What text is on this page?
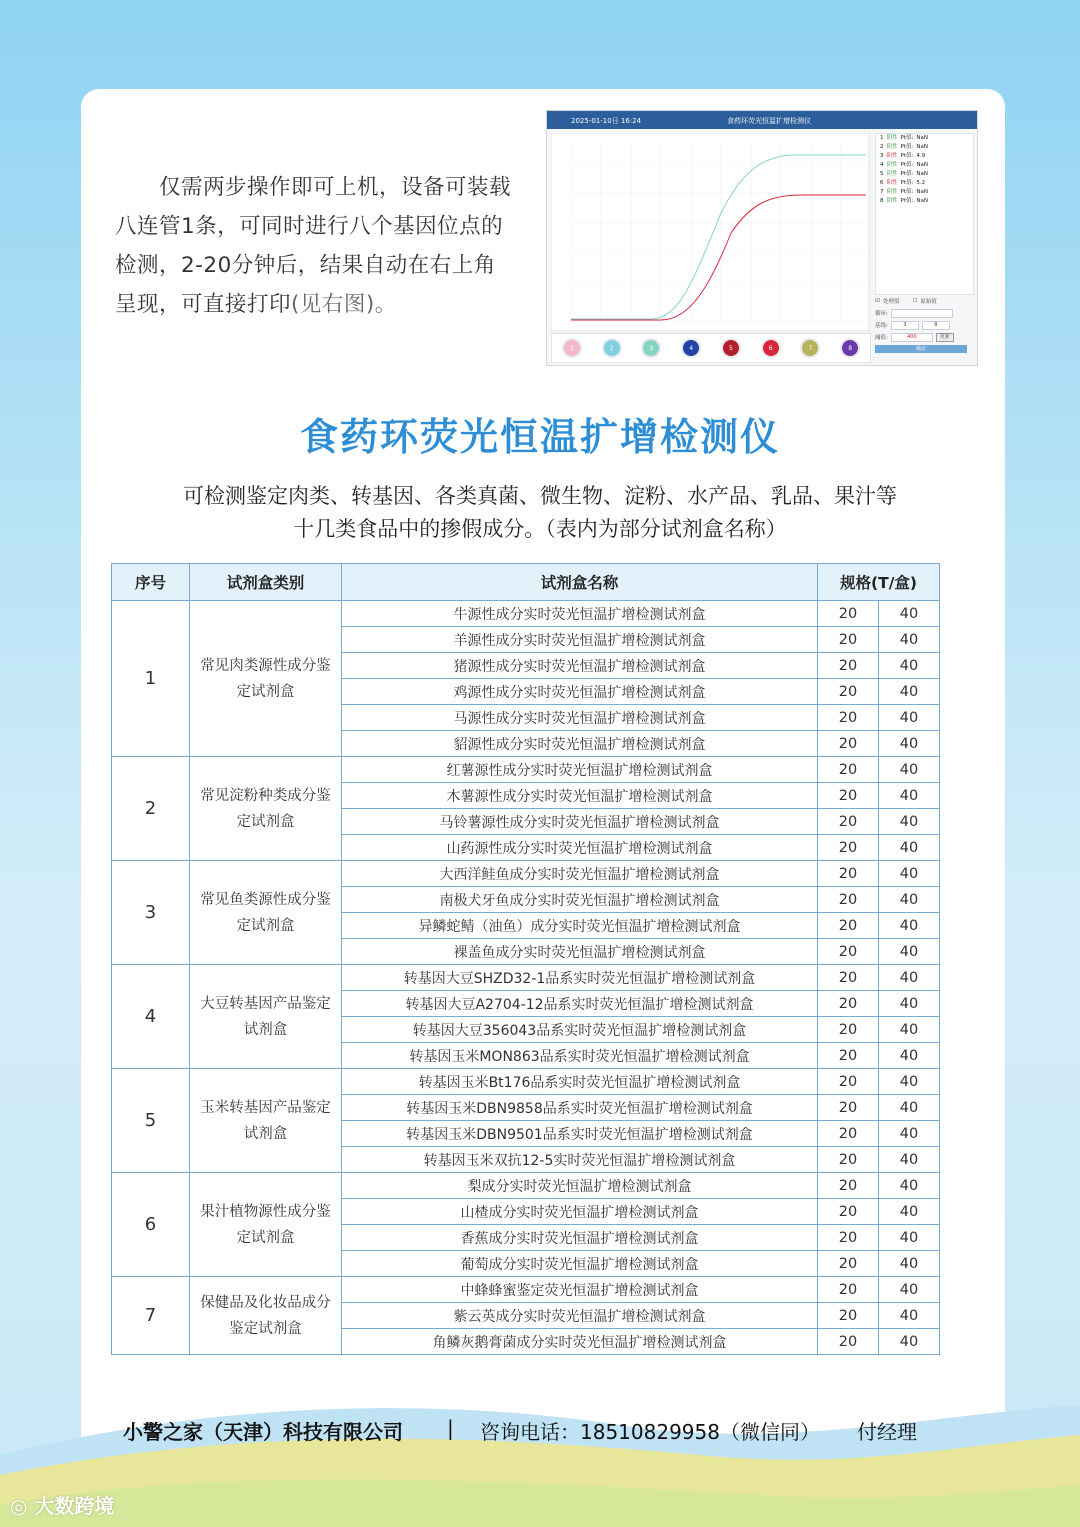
仅需两步操作即可上机，设备可装载八连管1条，可同时进行八个基因位点的检测，2-20分钟后，结果自动在右上角呈现，可直接打印(见右图)。
2025-01-10日 16:24	食药环荧光恒温扩增检测仪
1 阴性 Pt值: NaN
2 阴性 Pt值: NaN
3 阳性 Pt值: 4.9
4 阴性 Pt值: NaN
5 阴性 Pt值: NaN
6 阳性 Pt值: 5.2
7 阴性 Pt值: NaN
8 阴性 Pt值: NaN
☑ 处理值 ☐ 原始值
循环:
基线:	3	8
阈值:	400	更新
确定
1	2	3	4	5	6	7	8
食药环荧光恒温扩增检测仪
可检测鉴定肉类、转基因、各类真菌、微生物、淀粉、水产品、乳品、果汁等
十几类食品中的掺假成分。（表内为部分试剂盒名称）
序号	试剂盒类别	试剂盒名称	规格(T/盒)	
1	常见肉类源性成分鉴定试剂盒	牛源性成分实时荧光恒温扩增检测试剂盒	20	40
		羊源性成分实时荧光恒温扩增检测试剂盒	20	40
		猪源性成分实时荧光恒温扩增检测试剂盒	20	40
		鸡源性成分实时荧光恒温扩增检测试剂盒	20	40
		马源性成分实时荧光恒温扩增检测试剂盒	20	40
		貂源性成分实时荧光恒温扩增检测试剂盒	20	40
2	常见淀粉种类成分鉴定试剂盒	红薯源性成分实时荧光恒温扩增检测试剂盒	20	40
		木薯源性成分实时荧光恒温扩增检测试剂盒	20	40
		马铃薯源性成分实时荧光恒温扩增检测试剂盒	20	40
		山药源性成分实时荧光恒温扩增检测试剂盒	20	40
3	常见鱼类源性成分鉴定试剂盒	大西洋鲑鱼成分实时荧光恒温扩增检测试剂盒	20	40
		南极犬牙鱼成分实时荧光恒温扩增检测试剂盒	20	40
		异鳞蛇鲭（油鱼）成分实时荧光恒温扩增检测试剂盒	20	40
		裸盖鱼成分实时荧光恒温扩增检测试剂盒	20	40
4	大豆转基因产品鉴定试剂盒	转基因大豆SHZD32-1品系实时荧光恒温扩增检测试剂盒	20	40
		转基因大豆A2704-12品系实时荧光恒温扩增检测试剂盒	20	40
		转基因大豆356043品系实时荧光恒温扩增检测试剂盒	20	40
		转基因玉米MON863品系实时荧光恒温扩增检测试剂盒	20	40
5	玉米转基因产品鉴定试剂盒	转基因玉米Bt176品系实时荧光恒温扩增检测试剂盒	20	40
		转基因玉米DBN9858品系实时荧光恒温扩增检测试剂盒	20	40
		转基因玉米DBN9501品系实时荧光恒温扩增检测试剂盒	20	40
		转基因玉米双抗12-5实时荧光恒温扩增检测试剂盒	20	40
6	果汁植物源性成分鉴定试剂盒	梨成分实时荧光恒温扩增检测试剂盒	20	40
		山楂成分实时荧光恒温扩增检测试剂盒	20	40
		香蕉成分实时荧光恒温扩增检测试剂盒	20	40
		葡萄成分实时荧光恒温扩增检测试剂盒	20	40
7	保健品及化妆品成分鉴定试剂盒	中蜂蜂蜜鉴定荧光恒温扩增检测试剂盒	20	40
		紫云英成分实时荧光恒温扩增检测试剂盒	20	40
		角鳞灰鹅膏菌成分实时荧光恒温扩增检测试剂盒	20	40
小警之家（天津）科技有限公司 | 咨询电话：18510829958（微信同） 付经理
◎ 大数跨境
